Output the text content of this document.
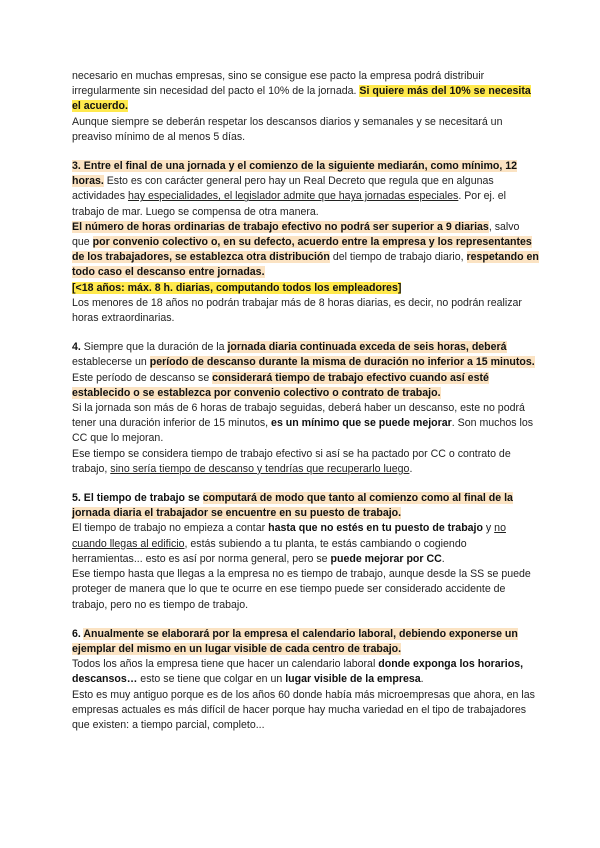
necesario en muchas empresas, sino se consigue ese pacto la empresa podrá distribuir irregularmente sin necesidad del pacto el 10% de la jornada. Si quiere más del 10% se necesita el acuerdo.

Aunque siempre se deberán respetar los descansos diarios y semanales y se necesitará un preaviso mínimo de al menos 5 días.

3. Entre el final de una jornada y el comienzo de la siguiente mediarán, como mínimo, 12 horas. Esto es con carácter general pero hay un Real Decreto que regula que en algunas actividades hay especialidades, el legislador admite que haya jornadas especiales. Por ej. el trabajo de mar. Luego se compensa de otra manera.

El número de horas ordinarias de trabajo efectivo no podrá ser superior a 9 diarias, salvo que por convenio colectivo o, en su defecto, acuerdo entre la empresa y los representantes de los trabajadores, se establezca otra distribución del tiempo de trabajo diario, respetando en todo caso el descanso entre jornadas.

[<18 años: máx. 8 h. diarias, computando todos los empleadores]

Los menores de 18 años no podrán trabajar más de 8 horas diarias, es decir, no podrán realizar horas extraordinarias.

4. Siempre que la duración de la jornada diaria continuada exceda de seis horas, deberá establecerse un período de descanso durante la misma de duración no inferior a 15 minutos. Este período de descanso se considerará tiempo de trabajo efectivo cuando así esté establecido o se establezca por convenio colectivo o contrato de trabajo.

Si la jornada son más de 6 horas de trabajo seguidas, deberá haber un descanso, este no podrá tener una duración inferior de 15 minutos, es un mínimo que se puede mejorar. Son muchos los CC que lo mejoran.

Ese tiempo se considera tiempo de trabajo efectivo si así se ha pactado por CC o contrato de trabajo, sino sería tiempo de descanso y tendrías que recuperarlo luego.

5. El tiempo de trabajo se computará de modo que tanto al comienzo como al final de la jornada diaria el trabajador se encuentre en su puesto de trabajo.

El tiempo de trabajo no empieza a contar hasta que no estés en tu puesto de trabajo y no cuando llegas al edificio, estás subiendo a tu planta, te estás cambiando o cogiendo herramientas... esto es así por norma general, pero se puede mejorar por CC.

Ese tiempo hasta que llegas a la empresa no es tiempo de trabajo, aunque desde la SS se puede proteger de manera que lo que te ocurre en ese tiempo puede ser considerado accidente de trabajo, pero no es tiempo de trabajo.

6. Anualmente se elaborará por la empresa el calendario laboral, debiendo exponerse un ejemplar del mismo en un lugar visible de cada centro de trabajo.

Todos los años la empresa tiene que hacer un calendario laboral donde exponga los horarios, descansos… esto se tiene que colgar en un lugar visible de la empresa.

Esto es muy antiguo porque es de los años 60 donde había más microempresas que ahora, en las empresas actuales es más difícil de hacer porque hay mucha variedad en el tipo de trabajadores que existen: a tiempo parcial, completo...
